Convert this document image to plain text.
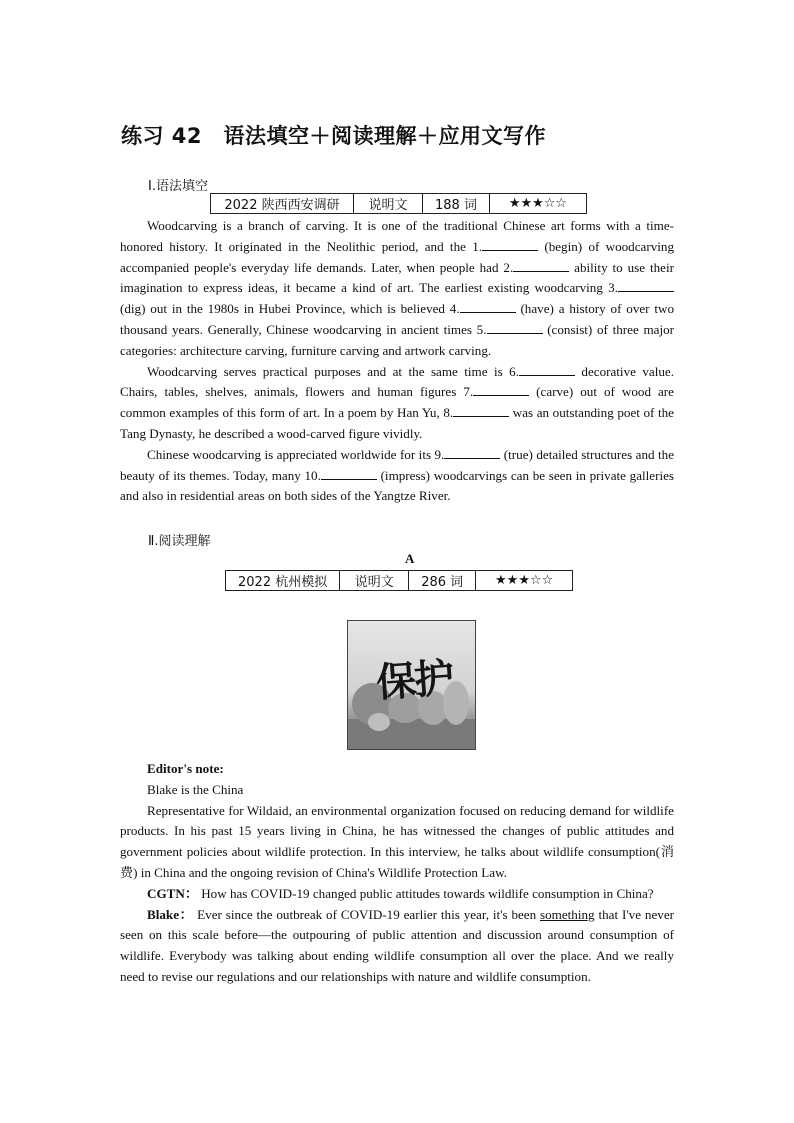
练习 42　语法填空＋阅读理解＋应用文写作
Ⅰ.语法填空
2022 陕西西安调研	说明文	188 词	★★★☆☆

Woodcarving is a branch of carving. It is one of the traditional Chinese art forms with a time-honored history. It originated in the Neolithic period, and the 1.	(begin) of woodcarving accompanied people's everyday life demands. Later, when people had 2.	ability to use their imagination to express ideas, it became a kind of art. The earliest existing woodcarving 3. (dig) out in the 1980s in Hubei Province, which is believed 4.	(have) a history of over two thousand years. Generally, Chinese woodcarving in ancient times 5.	(consist) of three major categories: architecture carving, furniture carving and artwork carving.

Woodcarving serves practical purposes and at the same time is 6.	decorative value. Chairs, tables, shelves, animals, flowers and human figures 7.	(carve) out of wood are common examples of this form of art. In a poem by Han Yu, 8.	was an outstanding poet of the Tang Dynasty, he described a wood-carved figure vividly.

Chinese woodcarving is appreciated worldwide for its 9.	(true) detailed structures and the beauty of its themes. Today, many 10.	(impress) woodcarvings can be seen in private galleries and also in residential areas on both sides of the Yangtze River.

Ⅱ.阅读理解
A
2022 杭州模拟	说明文	286 词	★★★☆☆
保护

Editor's note:

Blake is the China

Representative for Wildaid, an environmental organization focused on reducing demand for wildlife products. In his past 15 years living in China, he has witnessed the changes of public attitudes and government policies about wildlife protection. In this interview, he talks about wildlife consumption(消费) in China and the ongoing revision of China's Wildlife Protection Law.

CGTN： How has COVID-19 changed public attitudes towards wildlife consumption in China?

Blake： Ever since the outbreak of COVID-19 earlier this year, it's been something that I've never seen on this scale before—the outpouring of public attention and discussion around consumption of wildlife. Everybody was talking about ending wildlife consumption all over the place. And we really need to revise our regulations and our relationships with nature and wildlife consumption.
